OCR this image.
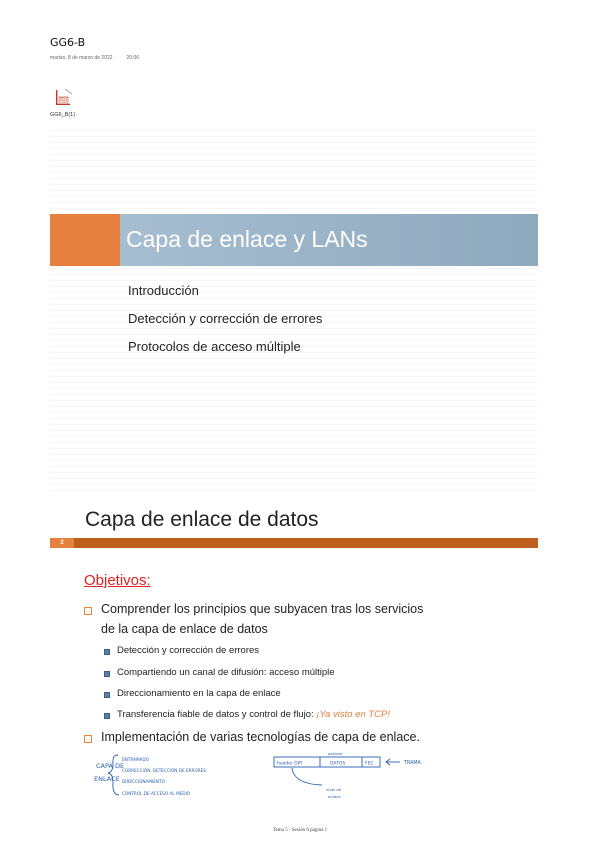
GG6-B
martes, 8 de marzo de 2022	20:06
PDF
GG6_B(1)
Capa de enlace y LANs
Introducción
Detección y corrección de errores
Protocolos de acceso múltiple
Capa de enlace de datos
2
Objetivos:
Comprender los principios que subyacen tras los servicios
de la capa de enlace de datos
Detección y corrección de errores
Compartiendo un canal de difusión: acceso múltiple
Direccionamiento en la capa de enlace
Transferencia fiable de datos y control de flujo: ¡Ya visto en TCP!
Implementación de varias tecnologías de capa de enlace.
CAPA DE
ENLACE
ENTRAMADO
CORRECCIÓN, DETECCIÓN DE ERRORES
DIRECCIONAMIENTO
CONTROL DE ACCESO AL MEDIO
header DIR	DATOS	FEC
payload
TRAMA
nivel de
enlace
Tema 5 - Sesión 6 página 1
